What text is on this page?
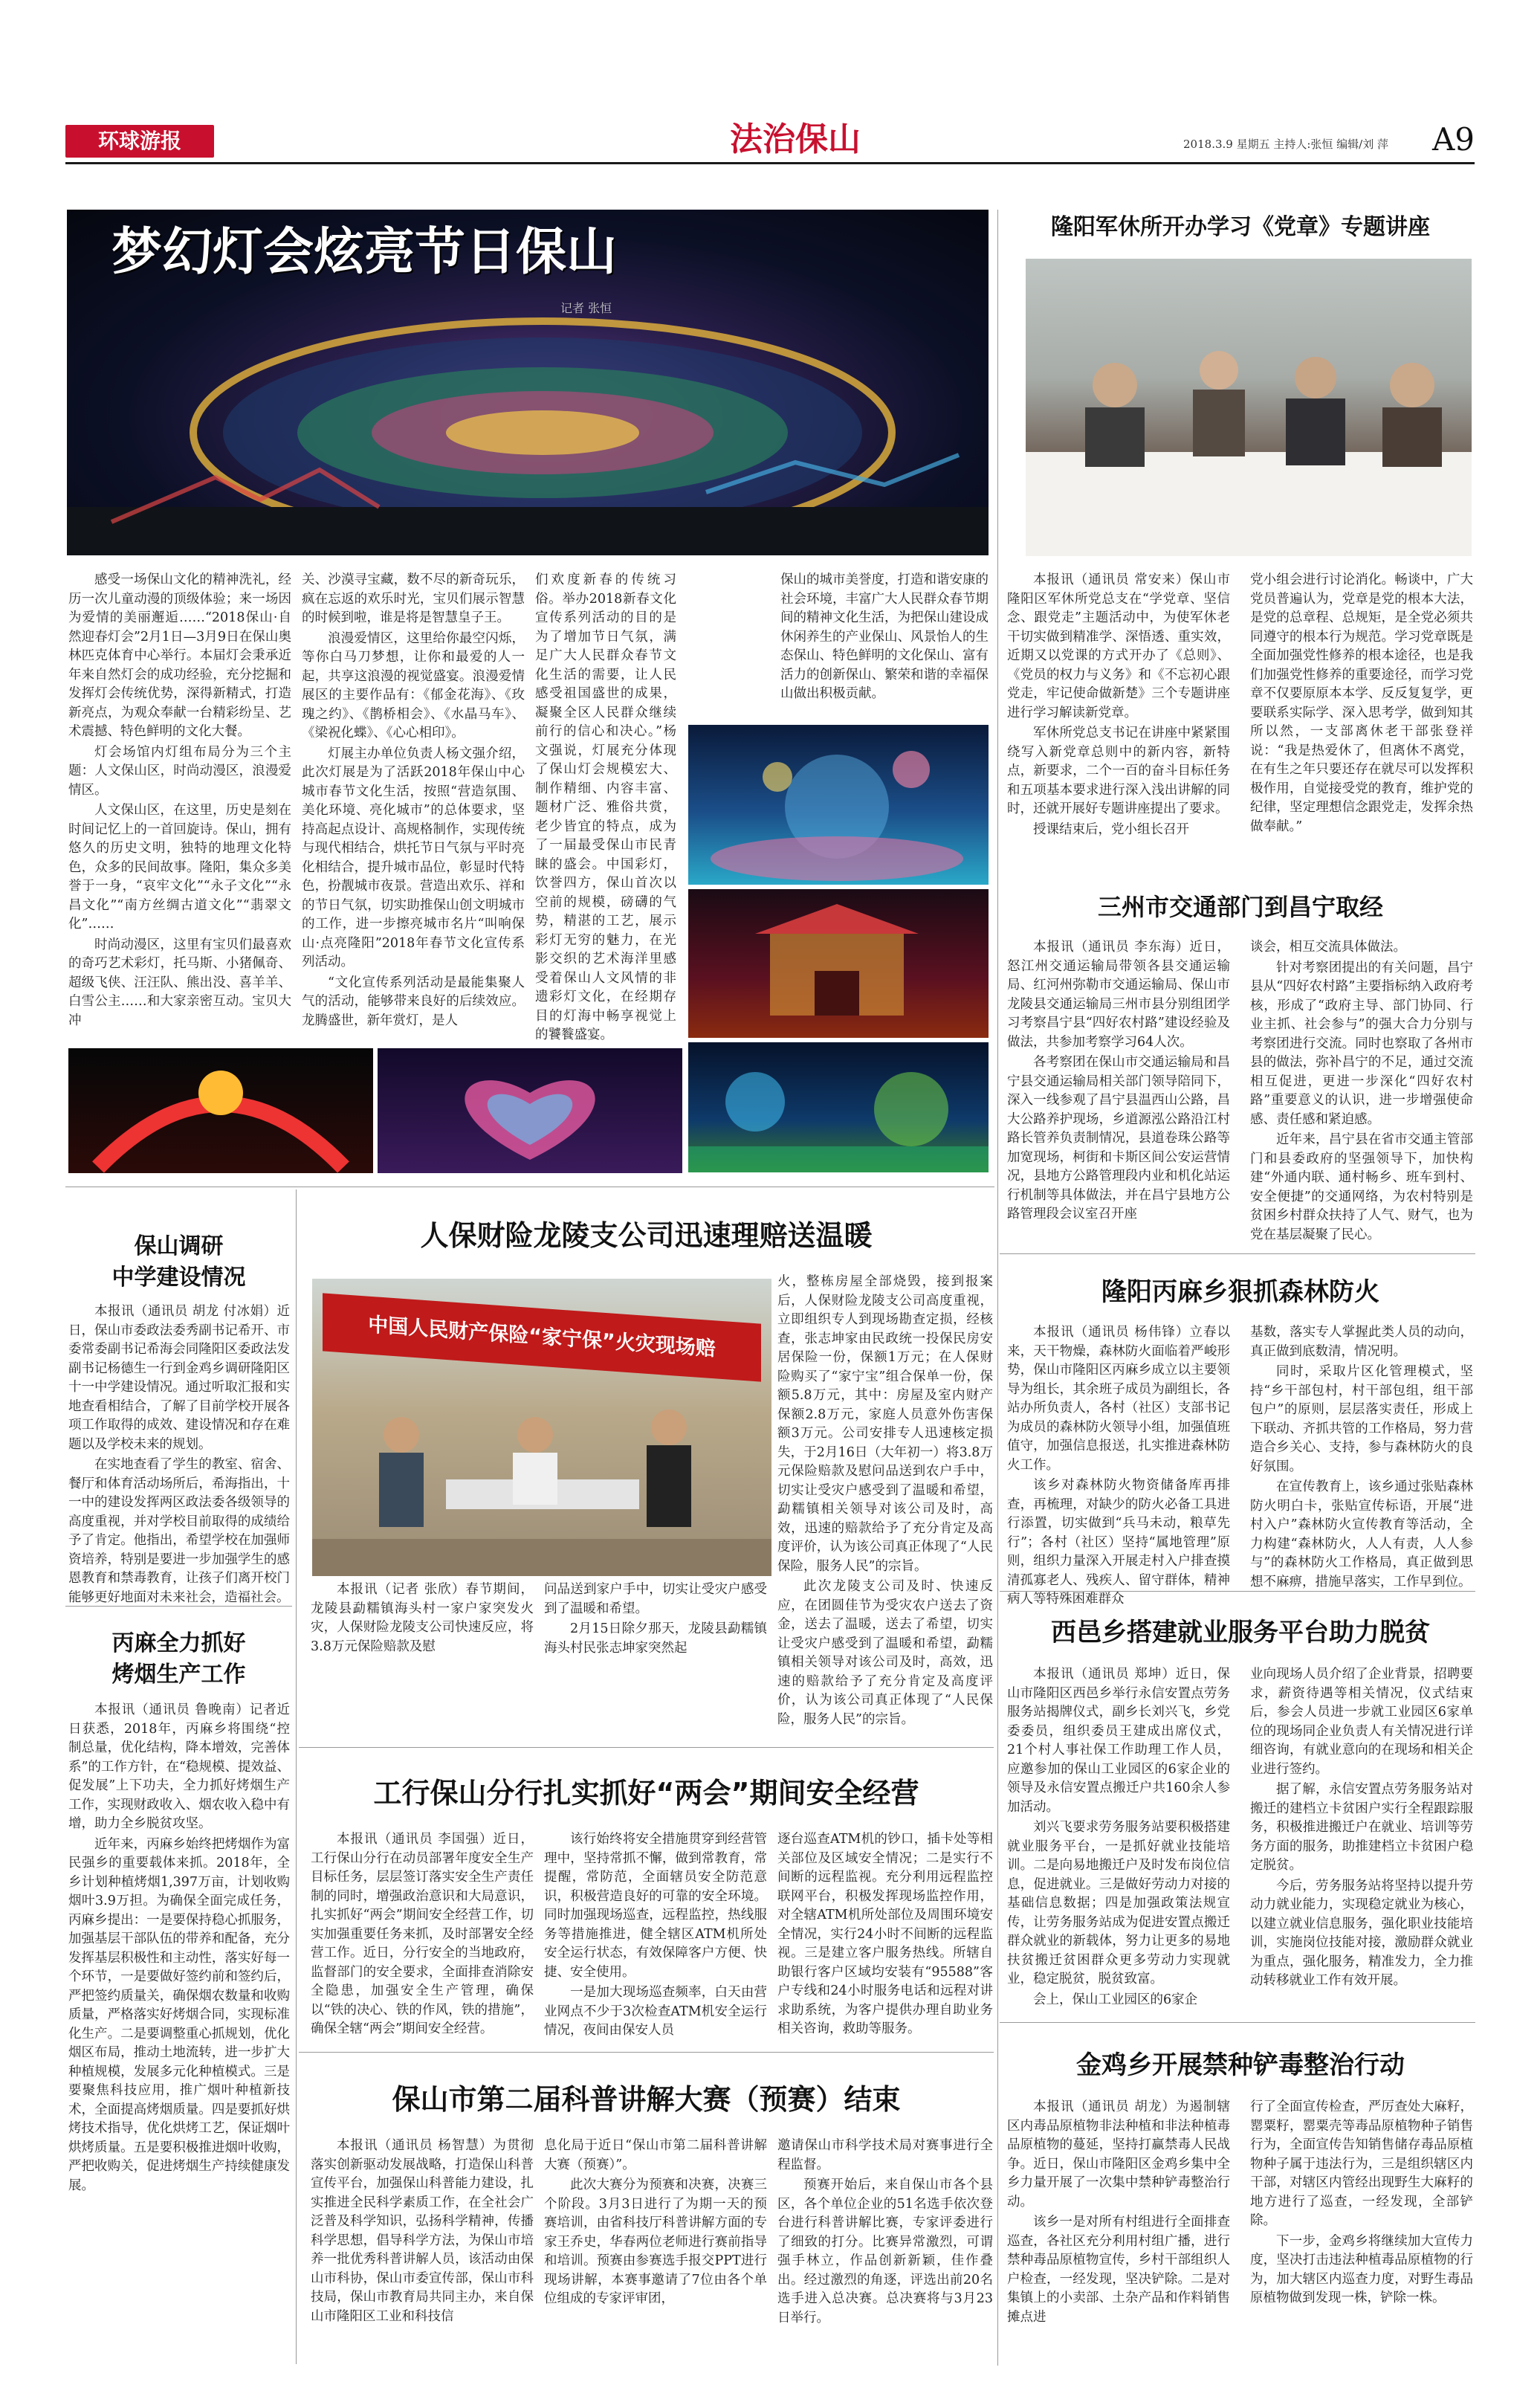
环球游报	法治保山	2018.3.9 星期五 主持人:张恒 编辑/刘 萍	A9
梦幻灯会炫亮节日保山
记者 张恒

感受一场保山文化的精神洗礼，经历一次儿童动漫的顶级体验；来一场因为爱情的美丽邂逅……“2018保山·自然迎春灯会”2月1日—3月9日在保山奥林匹克体育中心举行。本届灯会秉承近年来自然灯会的成功经验，充分挖掘和发挥灯会传统优势，深得新精式，打造新亮点，为观众奉献一台精彩纷呈、艺术震撼、特色鲜明的文化大餐。

灯会场馆内灯组布局分为三个主题：人文保山区，时尚动漫区，浪漫爱情区。

人文保山区，在这里，历史是刻在时间记忆上的一首回旋诗。保山，拥有悠久的历史文明，独特的地理文化特色，众多的民间故事。隆阳，集众多美誉于一身，“哀牢文化”“永子文化”“永昌文化”“南方丝绸古道文化”“翡翠文化”……

时尚动漫区，这里有宝贝们最喜欢的奇巧艺术彩灯，托马斯、小猪佩奇、超级飞侠、汪汪队、熊出没、喜羊羊、白雪公主……和大家亲密互动。宝贝大冲

关、沙漠寻宝藏，数不尽的新奇玩乐，疯在忘返的欢乐时光，宝贝们展示智慧的时候到啦，谁是将是智慧皇子王。

浪漫爱情区，这里给你最空闪烁，等你白马刀梦想，让你和最爱的人一起，共享这浪漫的视觉盛宴。浪漫爱情展区的主要作品有：《郁金花海》、《玫瑰之约》、《鹊桥相会》、《水晶马车》、《梁祝化蝶》、《心心相印》。

灯展主办单位负责人杨文强介绍，此次灯展是为了活跃2018年保山中心城市春节文化生活，按照“营造氛围、美化环境、亮化城市”的总体要求，坚持高起点设计、高规格制作，实现传统与现代相结合，烘托节日气氛与平时亮化相结合，提升城市品位，彰显时代特色，扮靓城市夜景。营造出欢乐、祥和的节日气氛，切实助推保山创文明城市的工作，进一步擦亮城市名片“叫响保山·点亮隆阳”2018年春节文化宣传系列活动。

“文化宣传系列活动是最能集聚人气的活动，能够带来良好的后续效应。龙腾盛世，新年赏灯，是人

们欢度新春的传统习俗。举办2018新春文化宣传系列活动的目的是为了增加节日气氛，满足广大人民群众春节文化生活的需要，让人民感受祖国盛世的成果，凝聚全区人民群众继续前行的信心和决心。”杨文强说，灯展充分体现了保山灯会规模宏大、制作精细、内容丰富、题材广泛、雅俗共赏，老少皆宜的特点，成为了一届最受保山市民青睐的盛会。中国彩灯，饮誉四方，保山首次以空前的规模，磅礴的气势，精湛的工艺，展示彩灯无穷的魅力，在光影交织的艺术海洋里感受着保山人文风情的非遗彩灯文化，在经期存目的灯海中畅享视觉上的饕餮盛宴。

保山的城市美誉度，打造和谐安康的社会环境，丰富广大人民群众春节期间的精神文化生活，为把保山建设成休闲养生的产业保山、风景怡人的生态保山、特色鲜明的文化保山、富有活力的创新保山、繁荣和谐的幸福保山做出积极贡献。

隆阳军休所开办学习《党章》专题讲座

本报讯（通讯员 常安来）保山市隆阳区军休所党总支在“学党章、坚信念、跟党走”主题活动中，为使军休老干切实做到精准学、深悟透、重实效，近期又以党课的方式开办了《总则》、《党员的权力与义务》和《不忘初心跟党走，牢记使命做新楚》三个专题讲座进行学习解读新党章。

军休所党总支书记在讲座中紧紧围绕写入新党章总则中的新内容，新特点，新要求，二个一百的奋斗目标任务和五项基本要求进行深入浅出讲解的同时，还就开展好专题讲座提出了要求。

授课结束后，党小组长召开

党小组会进行讨论消化。畅谈中，广大党员普遍认为，党章是党的根本大法，是党的总章程、总规矩，是全党必须共同遵守的根本行为规范。学习党章既是全面加强党性修养的根本途径，也是我们加强党性修养的重要途径，而学习党章不仅要原原本本学、反反复复学，更要联系实际学、深入思考学，做到知其所以然，一支部离休老干部张登祥说：“我是热爱休了，但离休不离党，在有生之年只要还存在就尽可以发挥积极作用，自觉接受党的教育，维护党的纪律，坚定理想信念跟党走，发挥余热做奉献。”

三州市交通部门到昌宁取经

本报讯（通讯员 李东海）近日，怒江州交通运输局带领各县交通运输局、红河州弥勒市交通运输局、保山市龙陵县交通运输局三州市县分别组团学习考察昌宁县“四好农村路”建设经验及做法，共参加考察学习64人次。

各考察团在保山市交通运输局和昌宁县交通运输局相关部门领导陪同下，深入一线参观了昌宁县温西山公路，昌大公路养护现场，乡道源泓公路沿江村路长管养负责制情况，县道卷珠公路等加宽现场，柯街和卡斯区间公安运营情况，县地方公路管理段内业和机化站运行机制等具体做法，并在昌宁县地方公路管理段会议室召开座

谈会，相互交流具体做法。

针对考察团提出的有关问题，昌宁县从“四好农村路”主要指标纳入政府考核，形成了“政府主导、部门协同、行业主抓、社会参与”的强大合力分别与考察团进行交流。同时也察取了各州市县的做法，弥补昌宁的不足，通过交流相互促进，更进一步深化“四好农村路”重要意义的认识，进一步增强使命感、责任感和紧迫感。

近年来，昌宁县在省市交通主管部门和县委政府的坚强领导下，加快构建“外通内联、通村畅乡、班车到村、安全便捷”的交通网络，为农村特别是贫困乡村群众扶持了人气、财气，也为党在基层凝聚了民心。

保山调研
中学建设情况

本报讯（通讯员 胡龙 付冰娟）近日，保山市委政法委秀副书记希开、市委常委副书记希海会同隆阳区委政法发副书记杨德生一行到金鸡乡调研隆阳区十一中学建设情况。通过听取汇报和实地查看相结合，了解了目前学校开展各项工作取得的成效、建设情况和存在难题以及学校未来的规划。

在实地查看了学生的教室、宿舍、餐厅和体育活动场所后，希海指出，十一中的建设发挥两区政法委各级领导的高度重视，并对学校目前取得的成绩给予了肯定。他指出，希望学校在加强师资培养，特别是要进一步加强学生的感恩教育和禁毒教育，让孩子们离开校门能够更好地面对未来社会，造福社会。

丙麻全力抓好
烤烟生产工作

本报讯（通讯员 鲁晚南）记者近日获悉，2018年，丙麻乡将围绕“控制总量，优化结构，降本增效，完善体系”的工作方针，在“稳规模、提效益、促发展”上下功夫，全力抓好烤烟生产工作，实现财政收入、烟农收入稳中有增，助力全乡脱贫攻坚。

近年来，丙麻乡始终把烤烟作为富民强乡的重要载体来抓。2018年，全乡计划种植烤烟1,397万亩，计划收购烟叶3.9万担。为确保全面完成任务，丙麻乡提出：一是要保持稳心抓服务，加强基层干部队伍的带养和配备，充分发挥基层积极性和主动性，落实好每一个环节，一是要做好签约前和签约后，严把签约质量关，确保烟农数量和收购质量，严格落实好烤烟合同，实现标准化生产。二是要调整重心抓规划，优化烟区布局，推动土地流转，进一步扩大种植规模，发展多元化种植模式。三是要聚焦科技应用，推广烟叶种植新技术，全面提高烤烟质量。四是要抓好烘烤技术指导，优化烘烤工艺，保证烟叶烘烤质量。五是要积极推进烟叶收购，严把收购关，促进烤烟生产持续健康发展。

人保财险龙陵支公司迅速理赔送温暖
中国人民财产保险“家宁保”火灾现场赔

本报讯（记者 张欣）春节期间，龙陵县勐糯镇海头村一家户家突发火灾，人保财险龙陵支公司快速反应，将3.8万元保险赔款及慰

问品送到家户手中，切实让受灾户感受到了温暖和希望。

2月15日除夕那天，龙陵县勐糯镇海头村民张志坤家突然起

火，整栋房屋全部烧毁，接到报案后，人保财险龙陵支公司高度重视，立即组织专人到现场勘查定损，经核查，张志坤家由民政统一投保民房安居保险一份，保额1万元；在人保财险购买了“家宁宝”组合保单一份，保额5.8万元，其中：房屋及室内财产保额2.8万元，家庭人员意外伤害保额3万元。公司安排专人迅速核定损失，于2月16日（大年初一）将3.8万元保险赔款及慰问品送到农户手中，切实让受灾户感受到了温暖和希望，勐糯镇相关领导对该公司及时，高效，迅速的赔款给予了充分肯定及高度评价，认为该公司真正体现了“人民保险，服务人民”的宗旨。

此次龙陵支公司及时、快速反应，在团圆佳节为受灾农户送去了资金，送去了温暖，送去了希望，切实让受灾户感受到了温暖和希望，勐糯镇相关领导对该公司及时，高效，迅速的赔款给予了充分肯定及高度评价，认为该公司真正体现了“人民保险，服务人民”的宗旨。

工行保山分行扎实抓好“两会”期间安全经营

本报讯（通讯员 李国强）近日，工行保山分行在动员部署年度安全生产目标任务，层层签订落实安全生产责任制的同时，增强政治意识和大局意识，扎实抓好“两会”期间安全经营工作，切实加强重要任务来抓，及时部署安全经营工作。近日，分行安全的当地政府，监督部门的安全要求，全面排查消除安全隐患，加强安全生产管理，确保以“铁的决心、铁的作风，铁的措施”，确保全辖“两会”期间安全经营。

该行始终将安全措施贯穿到经营管理中，坚持常抓不懈，做到常教育，常提醒，常防范，全面辖员安全防范意识，积极营造良好的可靠的安全环境。同时加强现场巡查，远程监控，热线服务等措施推进，健全辖区ATM机所处安全运行状态，有效保障客户方便、快捷、安全使用。

一是加大现场巡查频率，白天由营业网点不少于3次检查ATM机安全运行情况，夜间由保安人员

逐台巡查ATM机的钞口，插卡处等相关部位及区域安全情况；二是实行不间断的远程监视。充分利用远程监控联网平台，积极发挥现场监控作用，对全辖ATM机所处部位及周围环境安全情况，实行24小时不间断的远程监视。三是建立客户服务热线。所辖自助银行客户区域均安装有“95588”客户专线和24小时服务电话和远程对讲求助系统，为客户提供办理自助业务相关咨询，救助等服务。

保山市第二届科普讲解大赛（预赛）结束

本报讯（通讯员 杨智慧）为贯彻落实创新驱动发展战略，打造保山科普宣传平台，加强保山科普能力建设，扎实推进全民科学素质工作，在全社会广泛普及科学知识，弘扬科学精神，传播科学思想，倡导科学方法，为保山市培养一批优秀科普讲解人员，该活动由保山市科协，保山市委宣传部，保山市科技局，保山市教育局共同主办，来自保山市隆阳区工业和科技信

息化局于近日“保山市第二届科普讲解大赛（预赛）”。

此次大赛分为预赛和决赛，决赛三个阶段。3月3日进行了为期一天的预赛培训，由省科技厅科普讲解方面的专家王乔史，华春两位老师进行赛前指导和培训。预赛由参赛选手报交PPT进行现场讲解，本赛事邀请了7位由各个单位组成的专家评审团，

邀请保山市科学技术局对赛事进行全程监督。

预赛开始后，来自保山市各个县区，各个单位企业的51名选手依次登台进行科普讲解比赛，专家评委进行了细致的打分。比赛异常激烈，可谓强手林立，作品创新新颖，佳作叠出。经过激烈的角逐，评选出前20名选手进入总决赛。总决赛将与3月23日举行。

隆阳丙麻乡狠抓森林防火

本报讯（通讯员 杨伟锋）立春以来，天干物燥，森林防火面临着严峻形势，保山市隆阳区丙麻乡成立以主要领导为组长，其余班子成员为副组长，各站办所负责人，各村（社区）支部书记为成员的森林防火领导小组，加强值班值守，加强信息报送，扎实推进森林防火工作。

该乡对森林防火物资储备库再排查，再梳理，对缺少的防火必备工具进行添置，切实做到“兵马未动，粮草先行”；各村（社区）坚持“属地管理”原则，组织力量深入开展走村入户排查摸清孤寡老人、残疾人、留守群体，精神病人等特殊困难群众

基数，落实专人掌握此类人员的动向，真正做到底数清，情况明。

同时，采取片区化管理模式，坚持“乡干部包村，村干部包组，组干部包户”的原则，层层落实责任，形成上下联动、齐抓共管的工作格局，努力营造合乡关心、支持，参与森林防火的良好氛围。

在宣传教育上，该乡通过张贴森林防火明白卡，张贴宣传标语，开展“进村入户”森林防火宣传教育等活动，全力构建“森林防火，人人有责，人人参与”的森林防火工作格局，真正做到思想不麻痹，措施早落实，工作早到位。

西邑乡搭建就业服务平台助力脱贫

本报讯（通讯员 郑坤）近日，保山市隆阳区西邑乡举行永信安置点劳务服务站揭牌仪式，副乡长刘兴飞，乡党委委员，组织委员王建成出席仪式，21个村人事社保工作助理工作人员，应邀参加的保山工业园区的6家企业的领导及永信安置点搬迁户共160余人参加活动。

刘兴飞要求劳务服务站要积极搭建就业服务平台，一是抓好就业技能培训。二是向易地搬迁户及时发布岗位信息，促进就业。三是做好劳动力对接的基础信息数据；四是加强政策法规宣传，让劳务服务站成为促进安置点搬迁群众就业的新载体，努力让更多的易地扶贫搬迁贫困群众更多劳动力实现就业，稳定脱贫，脱贫致富。

会上，保山工业园区的6家企

业向现场人员介绍了企业背景，招聘要求，薪资待遇等相关情况，仪式结束后，参会人员进一步就工业园区6家单位的现场同企业负责人有关情况进行详细咨询，有就业意向的在现场和相关企业进行签约。

据了解，永信安置点劳务服务站对搬迁的建档立卡贫困户实行全程跟踪服务，积极推进搬迁户在就业、培训等劳务方面的服务，助推建档立卡贫困户稳定脱贫。

今后，劳务服务站将坚持以提升劳动力就业能力，实现稳定就业为核心，以建立就业信息服务，强化职业技能培训，实施岗位技能对接，激励群众就业为重点，强化服务，精准发力，全力推动转移就业工作有效开展。

金鸡乡开展禁种铲毒整治行动

本报讯（通讯员 胡龙）为遏制辖区内毒品原植物非法种植和非法种植毒品原植物的蔓延，坚持打赢禁毒人民战争。近日，保山市隆阳区金鸡乡集中全乡力量开展了一次集中禁种铲毒整治行动。

该乡一是对所有村组进行全面排查巡查，各社区充分利用村组广播，进行禁种毒品原植物宣传，乡村干部组织人户检查，一经发现，坚决铲除。二是对集镇上的小卖部、土杂产品和作料销售摊点进

行了全面宣传检查，严厉查处大麻籽，罂粟籽，罂粟壳等毒品原植物种子销售行为，全面宣传告知销售储存毒品原植物种子属于违法行为，三是组织辖区内干部，对辖区内管经出现野生大麻籽的地方进行了巡查，一经发现，全部铲除。

下一步，金鸡乡将继续加大宣传力度，坚决打击违法种植毒品原植物的行为，加大辖区内巡查力度，对野生毒品原植物做到发现一株，铲除一株。
